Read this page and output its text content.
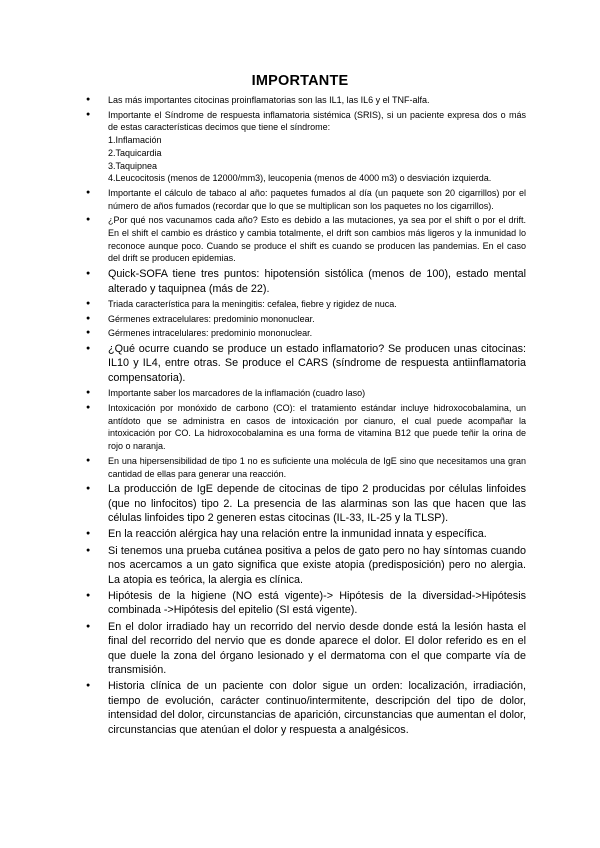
IMPORTANTE
● Las más importantes citocinas proinflamatorias son las IL1, las IL6 y el TNF-alfa.
● Importante el Síndrome de respuesta inflamatoria sistémica (SRIS), si un paciente expresa dos o más de estas características decimos que tiene el síndrome:
1.Inflamación
2.Taquicardia
3.Taquipnea
4.Leucocitosis (menos de 12000/mm3), leucopenia (menos de 4000 m3) o desviación izquierda.
● Importante el cálculo de tabaco al año: paquetes fumados al día (un paquete son 20 cigarrillos) por el número de años fumados (recordar que lo que se multiplican son los paquetes no los cigarrillos).
● ¿Por qué nos vacunamos cada año? Esto es debido a las mutaciones, ya sea por el shift o por el drift. En el shift el cambio es drástico y cambia totalmente, el drift son cambios más ligeros y la inmunidad lo reconoce aunque poco. Cuando se produce el shift es cuando se producen las pandemias. En el caso del drift se producen epidemias.
● Quick-SOFA tiene tres puntos: hipotensión sistólica (menos de 100), estado mental alterado y taquipnea (más de 22).
● Triada característica para la meningitis: cefalea, fiebre y rigidez de nuca.
● Gérmenes extracelulares: predominio mononuclear.
● Gérmenes intracelulares: predominio mononuclear.
● ¿Qué ocurre cuando se produce un estado inflamatorio? Se producen unas citocinas: IL10 y IL4, entre otras. Se produce el CARS (síndrome de respuesta antiinflamatoria compensatoria).
● Importante saber los marcadores de la inflamación (cuadro laso)
● Intoxicación por monóxido de carbono (CO): el tratamiento estándar incluye hidroxocobalamina, un antídoto que se administra en casos de intoxicación por cianuro, el cual puede acompañar la intoxicación por CO. La hidroxocobalamina es una forma de vitamina B12 que puede teñir la orina de rojo o naranja.
● En una hipersensibilidad de tipo 1 no es suficiente una molécula de IgE sino que necesitamos una gran cantidad de ellas para generar una reacción.
● La producción de IgE depende de citocinas de tipo 2 producidas por células linfoides (que no linfocitos) tipo 2. La presencia de las alarminas son las que hacen que las células linfoides tipo 2 generen estas citocinas (IL-33, IL-25 y la TLSP).
● En la reacción alérgica hay una relación entre la inmunidad innata y específica.
● Si tenemos una prueba cutánea positiva a pelos de gato pero no hay síntomas cuando nos acercamos a un gato significa que existe atopia (predisposición) pero no alergia. La atopia es teórica, la alergia es clínica.
● Hipótesis de la higiene (NO está vigente)-> Hipótesis de la diversidad->Hipótesis combinada ->Hipótesis del epitelio (SI está vigente).
● En el dolor irradiado hay un recorrido del nervio desde donde está la lesión hasta el final del recorrido del nervio que es donde aparece el dolor. El dolor referido es en el que duele la zona del órgano lesionado y el dermatoma con el que comparte vía de transmisión.
● Historia clínica de un paciente con dolor sigue un orden: localización, irradiación, tiempo de evolución, carácter continuo/intermitente, descripción del tipo de dolor, intensidad del dolor, circunstancias de aparición, circunstancias que aumentan el dolor, circunstancias que atenúan el dolor y respuesta a analgésicos.
